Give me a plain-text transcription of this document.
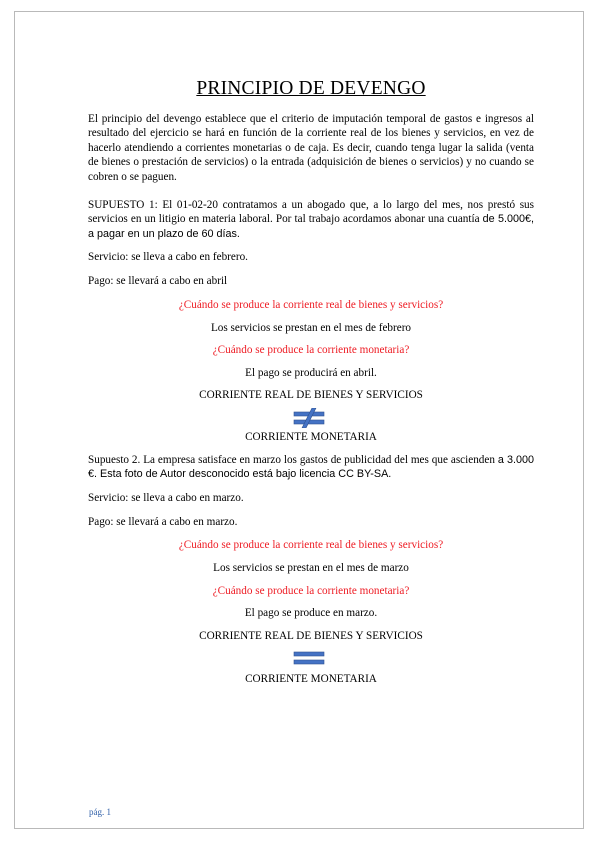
PRINCIPIO DE DEVENGO

El principio del devengo establece que el criterio de imputación temporal de gastos e ingresos al resultado del ejercicio se hará en función de la corriente real de los bienes y servicios, en vez de hacerlo atendiendo a corrientes monetarias o de caja. Es decir, cuando tenga lugar la salida (venta de bienes o prestación de servicios) o la entrada (adquisición de bienes o servicios) y no cuando se cobren o se paguen.

SUPUESTO 1: El 01-02-20 contratamos a un abogado que, a lo largo del mes, nos prestó sus servicios en un litigio en materia laboral. Por tal trabajo acordamos abonar una cuantía de 5.000€, a pagar en un plazo de 60 días.

Servicio: se lleva a cabo en febrero.

Pago: se llevará a cabo en abril

¿Cuándo se produce la corriente real de bienes y servicios?

Los servicios se prestan en el mes de febrero

¿Cuándo se produce la corriente monetaria?

El pago se producirá en abril.

CORRIENTE REAL DE BIENES Y SERVICIOS

CORRIENTE MONETARIA

Supuesto 2. La empresa satisface en marzo los gastos de publicidad del mes que ascienden a 3.000 €. Esta foto de Autor desconocido está bajo licencia CC BY-SA.

Servicio: se lleva a cabo en marzo.

Pago: se llevará a cabo en marzo.

¿Cuándo se produce la corriente real de bienes y servicios?

Los servicios se prestan en el mes de marzo

¿Cuándo se produce la corriente monetaria?

El pago se produce en marzo.

CORRIENTE REAL DE BIENES Y SERVICIOS

CORRIENTE MONETARIA

pág. 1
